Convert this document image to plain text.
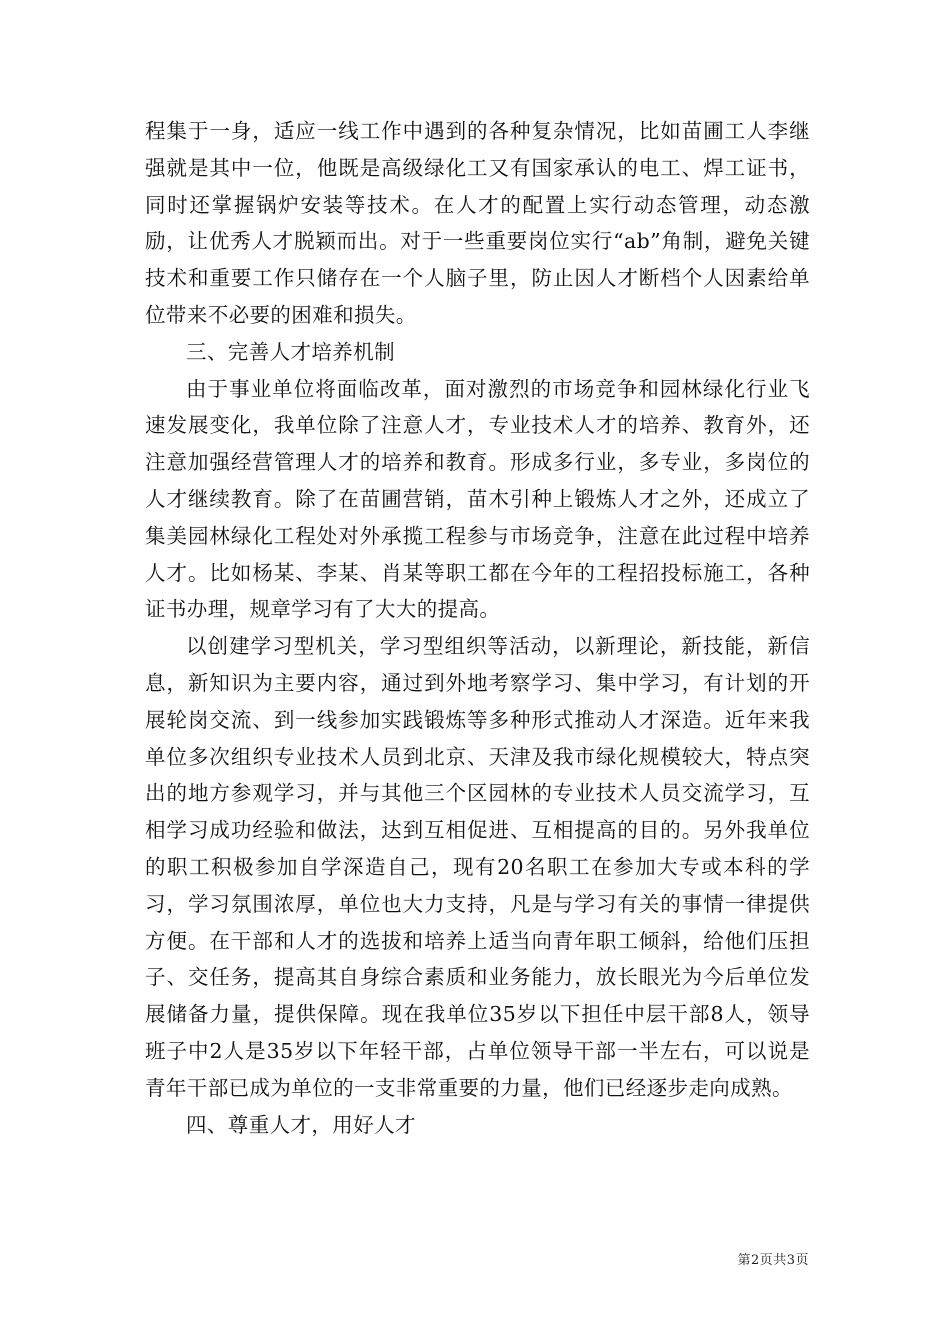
程集于一身，适应一线工作中遇到的各种复杂情况，比如苗圃工人李继强就是其中一位，他既是高级绿化工又有国家承认的电工、焊工证书，同时还掌握锅炉安装等技术。在人才的配置上实行动态管理，动态激励，让优秀人才脱颖而出。对于一些重要岗位实行“ab”角制，避免关键技术和重要工作只储存在一个人脑子里，防止因人才断档个人因素给单位带来不必要的困难和损失。

三、完善人才培养机制

由于事业单位将面临改革，面对激烈的市场竞争和园林绿化行业飞速发展变化，我单位除了注意人才，专业技术人才的培养、教育外，还注意加强经营管理人才的培养和教育。形成多行业，多专业，多岗位的人才继续教育。除了在苗圃营销，苗木引种上锻炼人才之外，还成立了集美园林绿化工程处对外承揽工程参与市场竞争，注意在此过程中培养人才。比如杨某、李某、肖某等职工都在今年的工程招投标施工，各种证书办理，规章学习有了大大的提高。

以创建学习型机关，学习型组织等活动，以新理论，新技能，新信息，新知识为主要内容，通过到外地考察学习、集中学习，有计划的开展轮岗交流、到一线参加实践锻炼等多种形式推动人才深造。近年来我单位多次组织专业技术人员到北京、天津及我市绿化规模较大，特点突出的地方参观学习，并与其他三个区园林的专业技术人员交流学习，互相学习成功经验和做法，达到互相促进、互相提高的目的。另外我单位的职工积极参加自学深造自己，现有20名职工在参加大专或本科的学习，学习氛围浓厚，单位也大力支持，凡是与学习有关的事情一律提供方便。在干部和人才的选拔和培养上适当向青年职工倾斜，给他们压担子、交任务，提高其自身综合素质和业务能力，放长眼光为今后单位发展储备力量，提供保障。现在我单位35岁以下担任中层干部8人，领导班子中2人是35岁以下年轻干部，占单位领导干部一半左右，可以说是青年干部已成为单位的一支非常重要的力量，他们已经逐步走向成熟。

四、尊重人才，用好人才

第2页共3页
